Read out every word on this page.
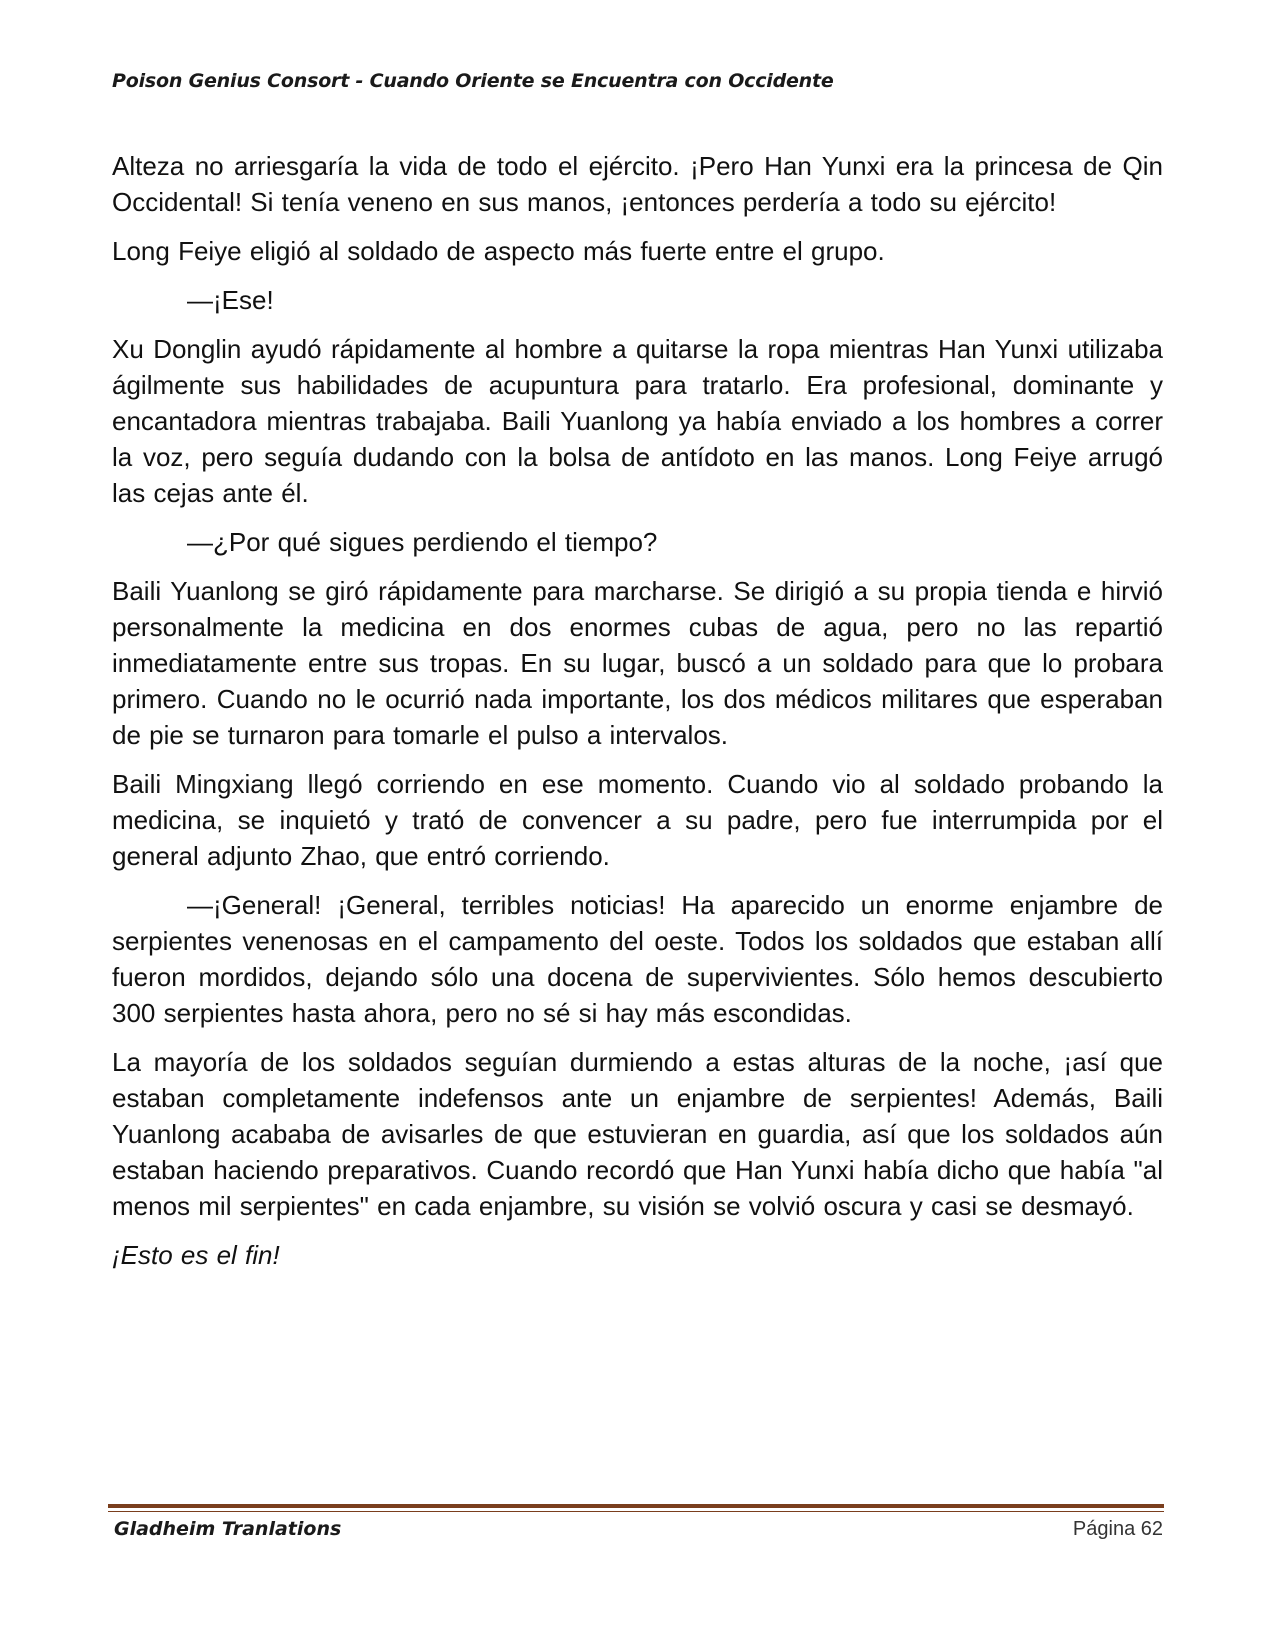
Poison Genius Consort - Cuando Oriente se Encuentra con Occidente

Alteza no arriesgaría la vida de todo el ejército. ¡Pero Han Yunxi era la princesa de Qin Occidental! Si tenía veneno en sus manos, ¡entonces perdería a todo su ejército!

Long Feiye eligió al soldado de aspecto más fuerte entre el grupo.

—¡Ese!

Xu Donglin ayudó rápidamente al hombre a quitarse la ropa mientras Han Yunxi utilizaba ágilmente sus habilidades de acupuntura para tratarlo. Era profesional, dominante y encantadora mientras trabajaba. Baili Yuanlong ya había enviado a los hombres a correr la voz, pero seguía dudando con la bolsa de antídoto en las manos. Long Feiye arrugó las cejas ante él.

—¿Por qué sigues perdiendo el tiempo?

Baili Yuanlong se giró rápidamente para marcharse. Se dirigió a su propia tienda e hirvió personalmente la medicina en dos enormes cubas de agua, pero no las repartió inmediatamente entre sus tropas. En su lugar, buscó a un soldado para que lo probara primero. Cuando no le ocurrió nada importante, los dos médicos militares que esperaban de pie se turnaron para tomarle el pulso a intervalos.

Baili Mingxiang llegó corriendo en ese momento. Cuando vio al soldado probando la medicina, se inquietó y trató de convencer a su padre, pero fue interrumpida por el general adjunto Zhao, que entró corriendo.

—¡General! ¡General, terribles noticias! Ha aparecido un enorme enjambre de serpientes venenosas en el campamento del oeste. Todos los soldados que estaban allí fueron mordidos, dejando sólo una docena de supervivientes. Sólo hemos descubierto 300 serpientes hasta ahora, pero no sé si hay más escondidas.

La mayoría de los soldados seguían durmiendo a estas alturas de la noche, ¡así que estaban completamente indefensos ante un enjambre de serpientes! Además, Baili Yuanlong acababa de avisarles de que estuvieran en guardia, así que los soldados aún estaban haciendo preparativos. Cuando recordó que Han Yunxi había dicho que había "al menos mil serpientes" en cada enjambre, su visión se volvió oscura y casi se desmayó.

¡Esto es el fin!

Gladheim Tranlations	Página 62
